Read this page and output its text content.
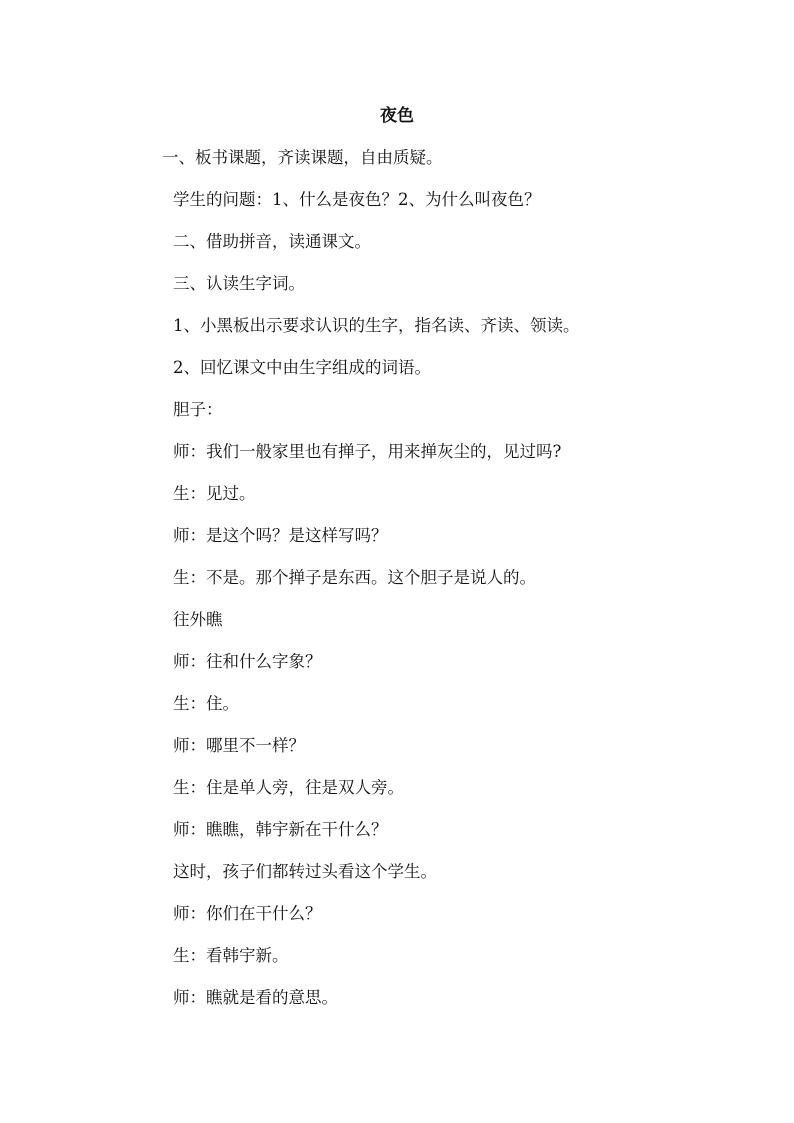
夜色
一、板书课题，齐读课题，自由质疑。
学生的问题：1、什么是夜色？2、为什么叫夜色？
二、借助拼音，读通课文。
三、认读生字词。
1、小黑板出示要求认识的生字，指名读、齐读、领读。
2、回忆课文中由生字组成的词语。
胆子：
师：我们一般家里也有掸子，用来掸灰尘的，见过吗?
生：见过。
师：是这个吗？是这样写吗？
生：不是。那个掸子是东西。这个胆子是说人的。
往外瞧
师：往和什么字象？
生：住。
师：哪里不一样？
生：住是单人旁，往是双人旁。
师：瞧瞧，韩宇新在干什么？
这时，孩子们都转过头看这个学生。
师：你们在干什么？
生：看韩宇新。
师：瞧就是看的意思。
